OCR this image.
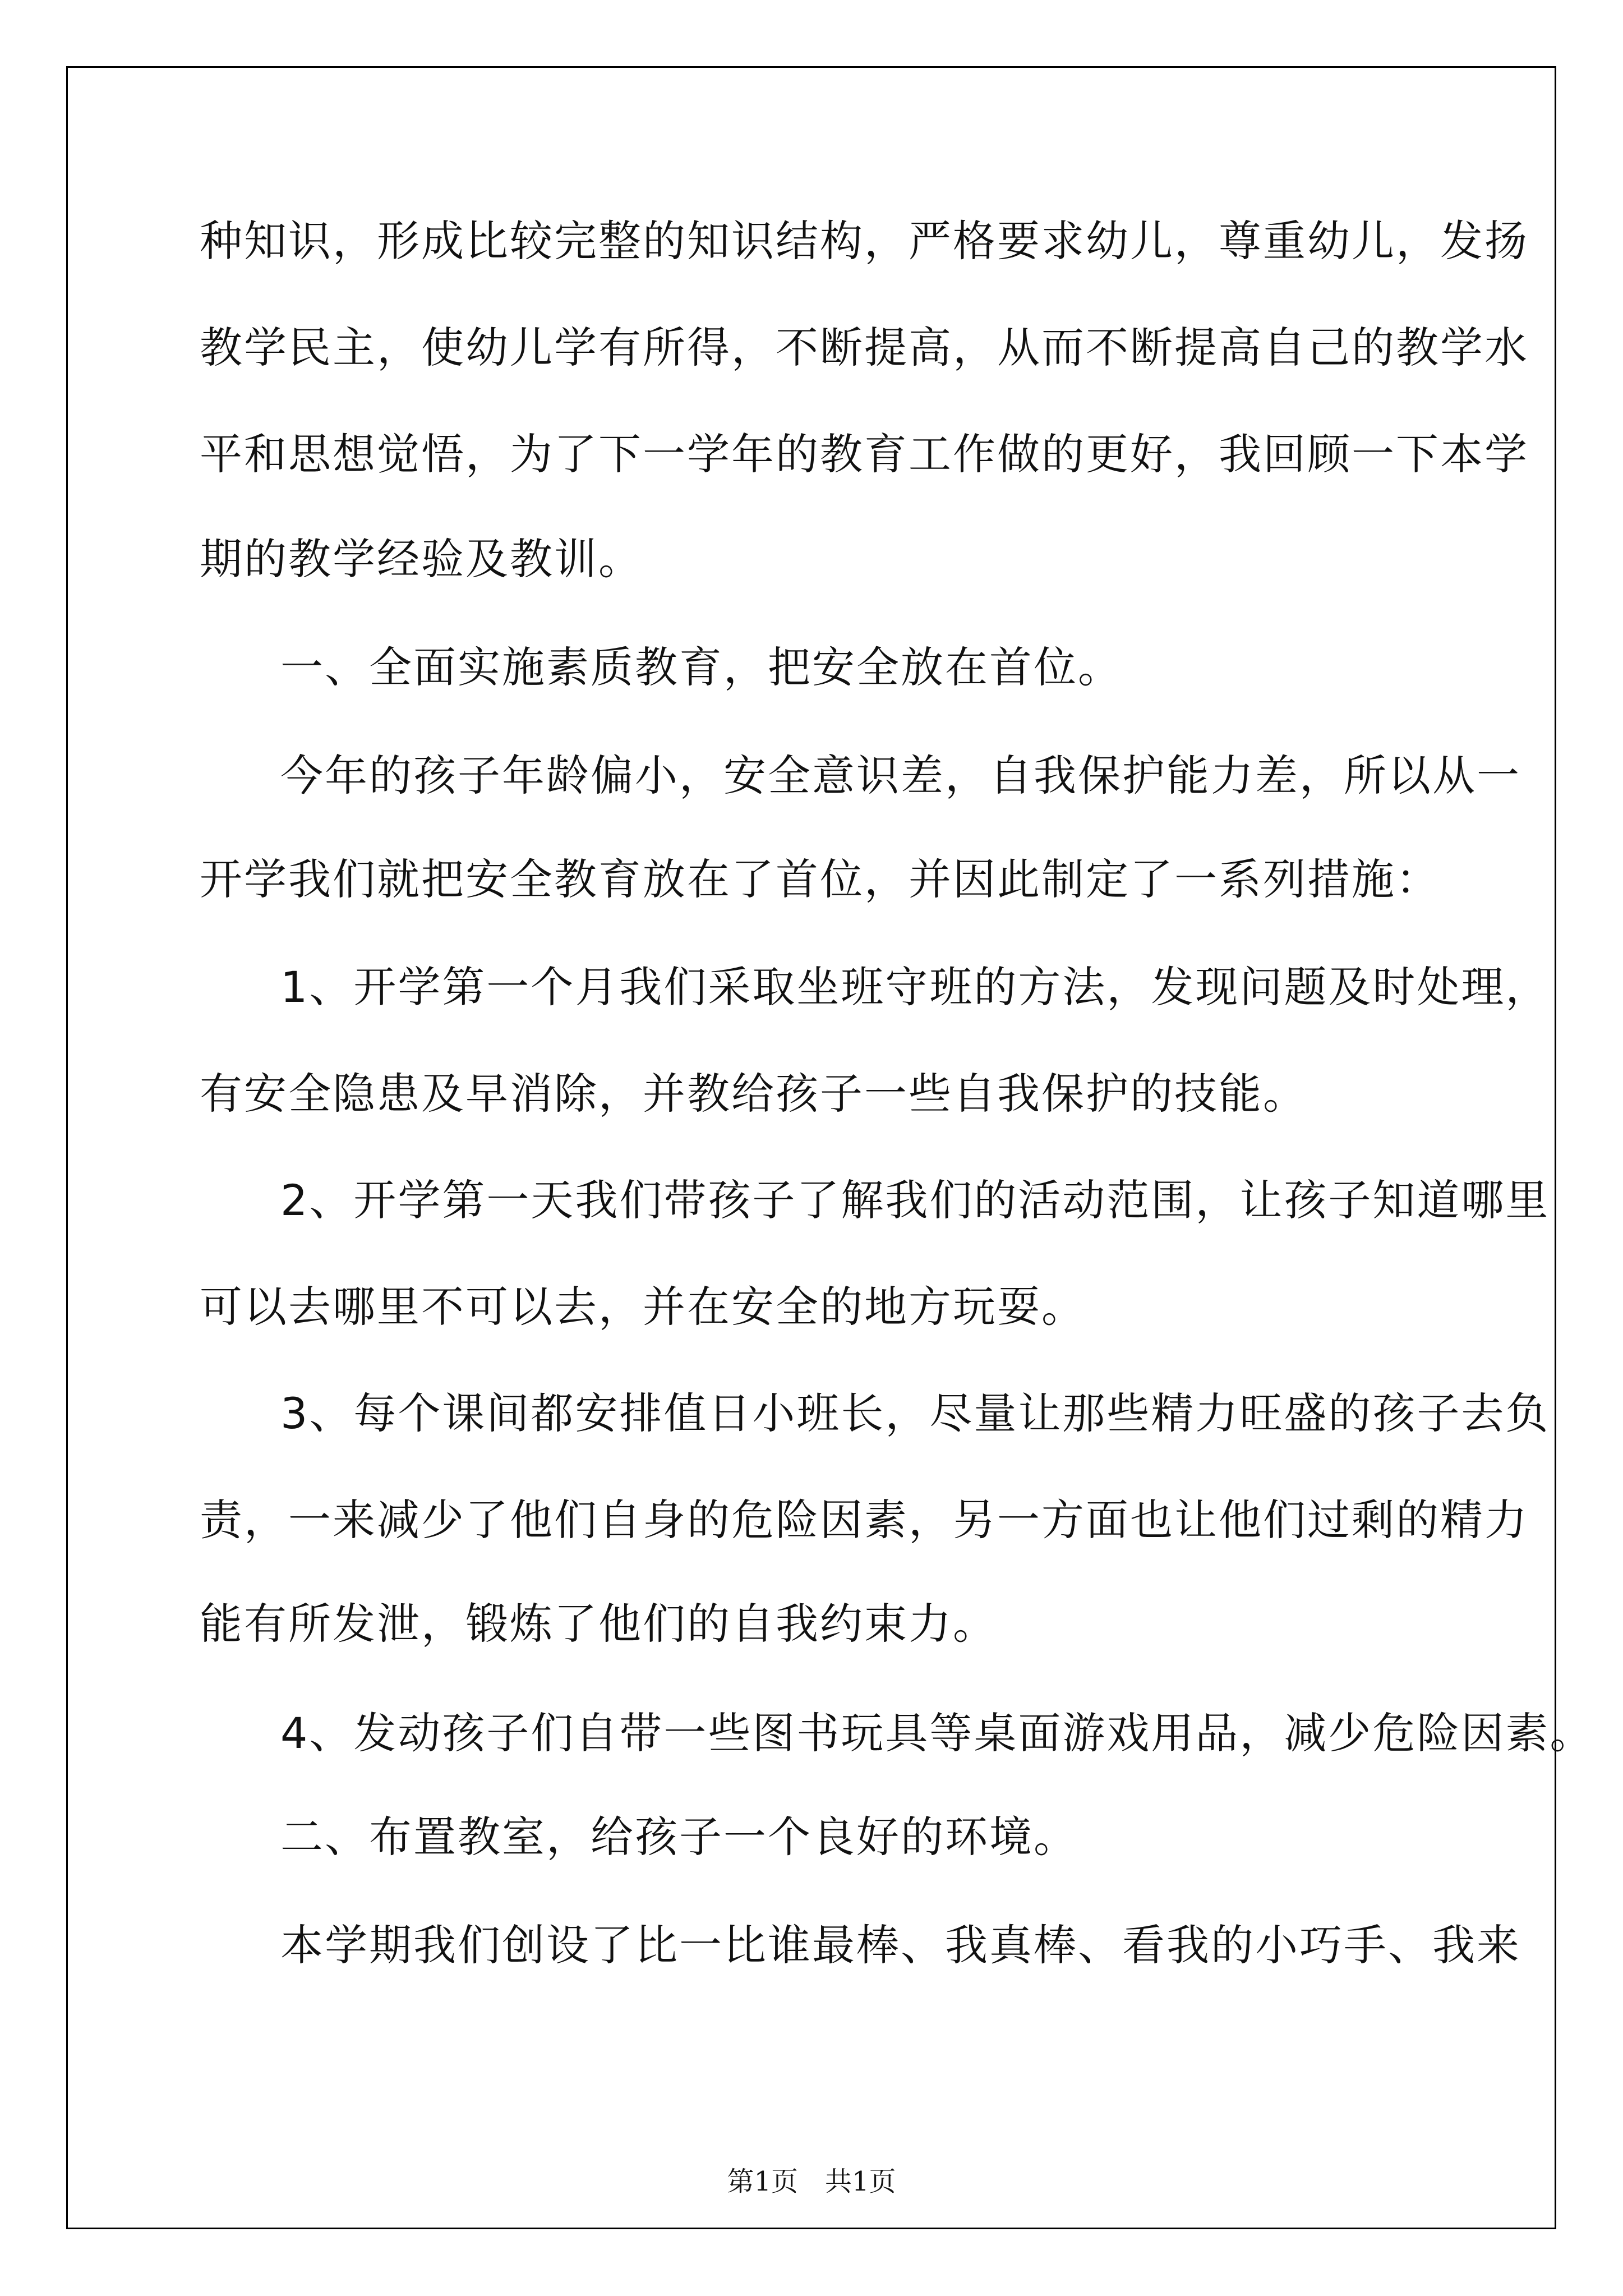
种知识，形成比较完整的知识结构，严格要求幼儿，尊重幼儿，发扬
教学民主，使幼儿学有所得，不断提高，从而不断提高自己的教学水
平和思想觉悟，为了下一学年的教育工作做的更好，我回顾一下本学
期的教学经验及教训。
一、全面实施素质教育，把安全放在首位。
今年的孩子年龄偏小，安全意识差，自我保护能力差，所以从一
开学我们就把安全教育放在了首位，并因此制定了一系列措施：
1、开学第一个月我们采取坐班守班的方法，发现问题及时处理，
有安全隐患及早消除，并教给孩子一些自我保护的技能。
2、开学第一天我们带孩子了解我们的活动范围，让孩子知道哪里
可以去哪里不可以去，并在安全的地方玩耍。
3、每个课间都安排值日小班长，尽量让那些精力旺盛的孩子去负
责，一来减少了他们自身的危险因素，另一方面也让他们过剩的精力
能有所发泄，锻炼了他们的自我约束力。
4、发动孩子们自带一些图书玩具等桌面游戏用品，减少危险因素。
二、布置教室，给孩子一个良好的环境。
本学期我们创设了比一比谁最棒、我真棒、看我的小巧手、我来
第1页　共1页
